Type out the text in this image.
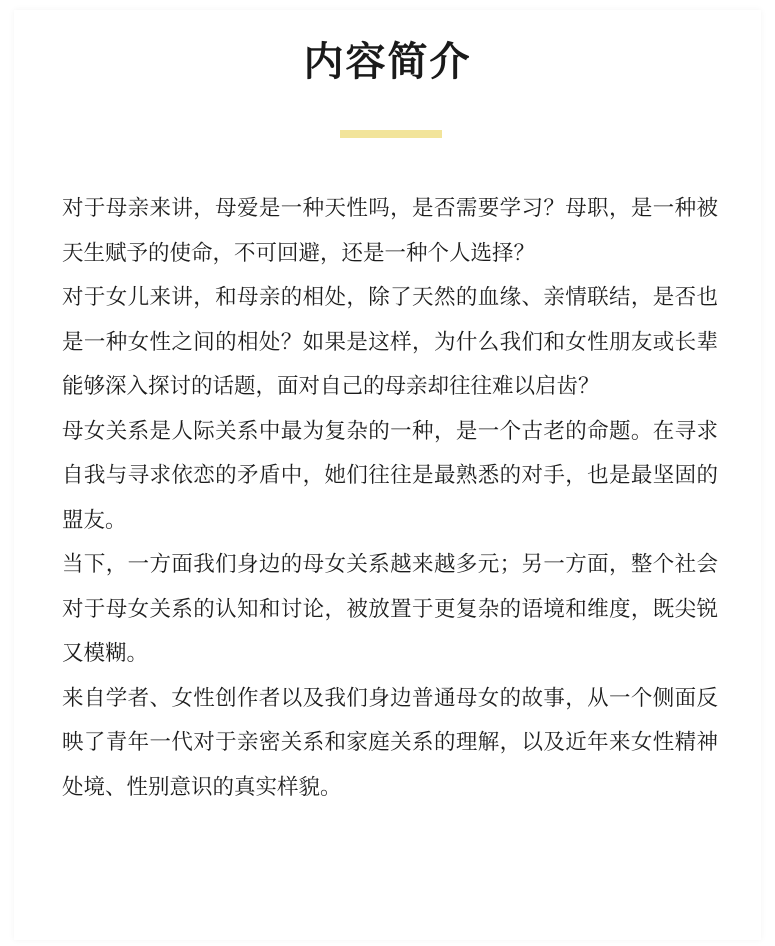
内容简介

对于母亲来讲，母爱是一种天性吗，是否需要学习？母职，是一种被天生赋予的使命，不可回避，还是一种个人选择？

对于女儿来讲，和母亲的相处，除了天然的血缘、亲情联结，是否也是一种女性之间的相处？如果是这样，为什么我们和女性朋友或长辈能够深入探讨的话题，面对自己的母亲却往往难以启齿？

母女关系是人际关系中最为复杂的一种，是一个古老的命题。在寻求自我与寻求依恋的矛盾中，她们往往是最熟悉的对手，也是最坚固的盟友。

当下，一方面我们身边的母女关系越来越多元；另一方面，整个社会对于母女关系的认知和讨论，被放置于更复杂的语境和维度，既尖锐又模糊。

来自学者、女性创作者以及我们身边普通母女的故事，从一个侧面反映了青年一代对于亲密关系和家庭关系的理解，以及近年来女性精神处境、性别意识的真实样貌。
